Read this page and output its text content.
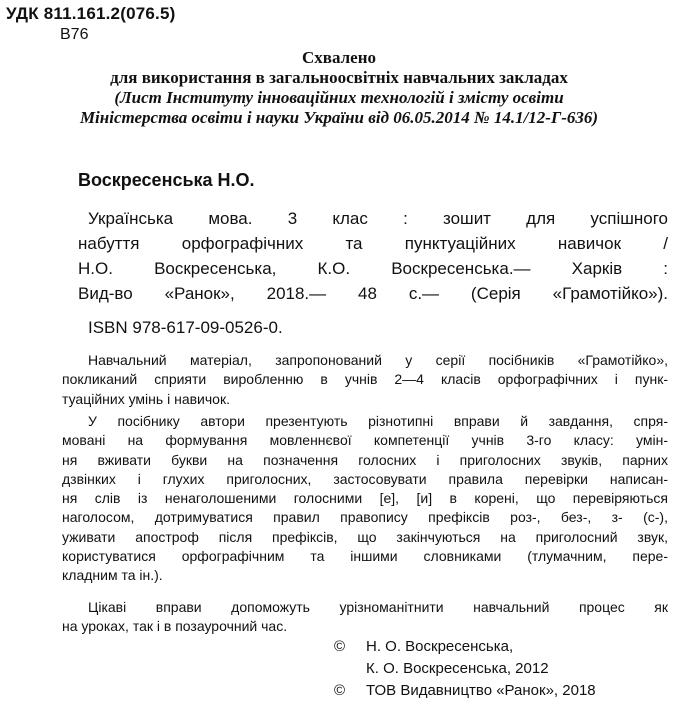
УДК 811.161.2(076.5)
В76
Схвалено
для використання в загальноосвітніх навчальних закладах
(Лист Інституту інноваційних технологій і змісту освіти
Міністерства освіти і науки України від 06.05.2014 № 14.1/12-Г-636)
Воскресенська Н.О.
Українська мова. 3 клас : зошит для успішного
набуття орфографічних та пунктуаційних навичок /
Н.О. Воскресенська, К.О. Воскресенська.— Харків :
Вид-во «Ранок», 2018.— 48 с.— (Серія «Грамотійко»).
ISBN 978-617-09-0526-0.
Навчальний матеріал, запропонований у серії посібників «Грамотійко»,
покликаний сприяти виробленню в учнів 2—4 класів орфографічних і пунк-
туаційних умінь і навичок.
У посібнику автори презентують різнотипні вправи й завдання, спря-
мовані на формування мовленнєвої компетенції учнів 3-го класу: умін-
ня вживати букви на позначення голосних і приголосних звуків, парних
дзвінких і глухих приголосних, застосовувати правила перевірки написан-
ня слів із ненаголошеними голосними [е], [и] в корені, що перевіряються
наголосом, дотримуватися правил правопису префіксів роз-, без-, з- (с-),
уживати апостроф після префіксів, що закінчуються на приголосний звук,
користуватися орфографічним та іншими словниками (тлумачним, пере-
кладним та ін.).
Цікаві вправи допоможуть урізноманітнити навчальний процес як
на уроках, так і в позаурочний час.
©	Н. О. Воскресенська,
К. О. Воскресенська, 2012
©	ТОВ Видавництво «Ранок», 2018
